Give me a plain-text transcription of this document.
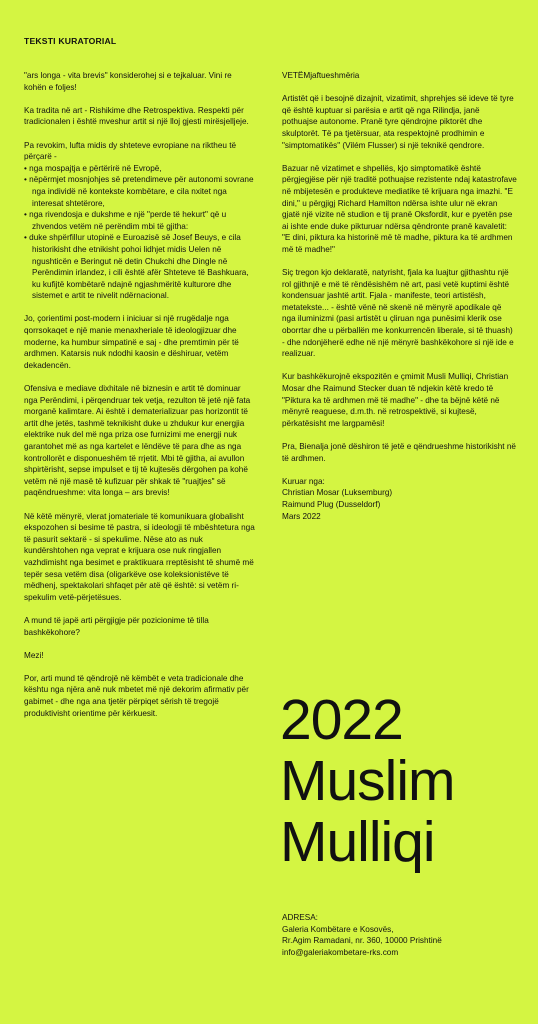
TEKSTI KURATORIAL

"ars longa - vita brevis" konsiderohej si e tejkaluar. Vini re kohën e foljes!

Ka tradita në art - Rishikime dhe Retrospektiva. Respekti për tradicionalen i është mveshur artit si një lloj gjesti mirësjelljeje.

Pa revokim, lufta midis dy shteteve evropiane na riktheu të përçarë -
• nga mospajtja e përtërirë në Evropë,
• nëpërmjet mosnjohjes së pretendimeve për autonomi sovrane nga individë në kontekste kombëtare, e cila nxitet nga interesat shtetërore,
• nga rivendosja e dukshme e një "perde të hekurt" që u zhvendos vetëm në perëndim mbi të gjitha:
• duke shpërfillur utopinë e Euroazisë së Josef Beuys, e cila historikisht dhe etnikisht pohoi lidhjet midis Uelen në ngushticën e Beringut në detin Chukchi dhe Dingle në Perëndimin irlandez, i cili është afër Shteteve të Bashkuara, ku kufijtë kombëtarë ndajnë ngjashmëritë kulturore dhe sistemet e artit te nivelit ndërnacional.

Jo, çorientimi post-modern i iniciuar si një rrugëdalje nga qorrsokaqet e një manie menaxheriale të ideologjizuar dhe moderne, ka humbur simpatinë e saj - dhe premtimin për të ardhmen. Katarsis nuk ndodhi kaosin e dëshiruar, vetëm dekadencën.

Ofensiva e mediave dixhitale në biznesin e artit të dominuar nga Perëndimi, i përqendruar tek vetja, rezulton të jetë një fata morganë kalimtare. Ai është i dematerializuar pas horizontit të artit dhe jetës, tashmë teknikisht duke u zhdukur kur energjia elektrike nuk del më nga priza ose furnizimi me energji nuk garantohet më as nga kartelet e lëndëve të para dhe as nga kontrollorët e disponueshëm të rrjetit. Mbi të gjitha, ai avullon shpirtërisht, sepse impulset e tij të kujtesës dërgohen pa kohë vetëm në një masë të kufizuar për shkak të "ruajtjes" së paqëndrueshme: vita longa – ars brevis!

Në këtë mënyrë, vlerat jomateriale të komunikuara globalisht ekspozohen si besime të pastra, si ideologji të mbështetura nga të pasurit sektarë - si spekulime. Nëse ato as nuk kundërshtohen nga veprat e krijuara ose nuk ringjallen vazhdimisht nga besimet e praktikuara rreptësisht të shumë më tepër sesa vetëm disa (oligarkëve ose koleksionistëve të mëdhenj, spektakolari shfaqet për atë që është: si vetëm ri-spekulim vetë-përjetësues.

A mund të japë arti përgjigje për pozicionime të tilla bashkëkohore?

Mezi!

Por, arti mund të qëndrojë në këmbët e veta tradicionale dhe kështu nga njëra anë nuk mbetet më një dekorim afirmativ për gabimet - dhe nga ana tjetër përpiqet sërish të tregojë produktivisht orientime për kërkuesit.

VETËMjaftueshmëria

Artistët që i besojnë dizajnit, vizatimit, shprehjes së ideve të tyre që është kuptuar si parësia e artit që nga Rilindja, janë pothuajse autonome. Pranë tyre qëndrojne piktorët dhe skulptorët. Të pa tjetërsuar, ata respektojnë prodhimin e "simptomatikës" (Vilém Flusser) si një teknikë qendrore.

Bazuar në vizatimet e shpellës, kjo simptomatikë është përgjegjëse për një traditë pothuajse rezistente ndaj katastrofave në mbijetesën e produkteve mediatike të krijuara nga imazhi. "E dini," u përgjigj Richard Hamilton ndërsa ishte ulur në ekran gjatë një vizite në studion e tij pranë Oksfordit, kur e pyetën pse ai ishte ende duke pikturuar ndërsa qëndronte pranë kavaletit: "E dini, piktura ka historinë më të madhe, piktura ka të ardhmen më të madhe!"

Siç tregon kjo deklaratë, natyrisht, fjala ka luajtur gjithashtu një rol gjithnjë e më të rëndësishëm në art, pasi vetë kuptimi është kondensuar jashtë artit. Fjala - manifeste, teori artistësh, metatekste... - është vënë në skenë në mënyrë apodikale që nga iluminizmi (pasi artistët u çliruan nga punësimi klerik ose oborrtar dhe u përballën me konkurrencën liberale, si të thuash) - dhe ndonjëherë edhe në një mënyrë bashkëkohore si një ide e realizuar.

Kur bashkëkurojnë ekspozitën e çmimit Musli Mulliqi, Christian Mosar dhe Raimund Stecker duan të ndjekin këtë kredo të "Piktura ka të ardhmen më të madhe" - dhe ta bëjnë këtë në mënyrë reaguese, d.m.th. në retrospektivë, si kujtesë, përkatësisht me largpamësi!

Pra, Bienalja jonë dëshiron të jetë e qëndrueshme historikisht në të ardhmen.

Kuruar nga:
Christian Mosar (Luksemburg)
Raimund Plug (Dusseldorf)
Mars 2022
2022
Muslim
Mulliqi
ADRESA:
Galeria Kombëtare e Kosovës,
Rr.Agim Ramadani, nr. 360, 10000 Prishtinë
info@galeriakombetare-rks.com
